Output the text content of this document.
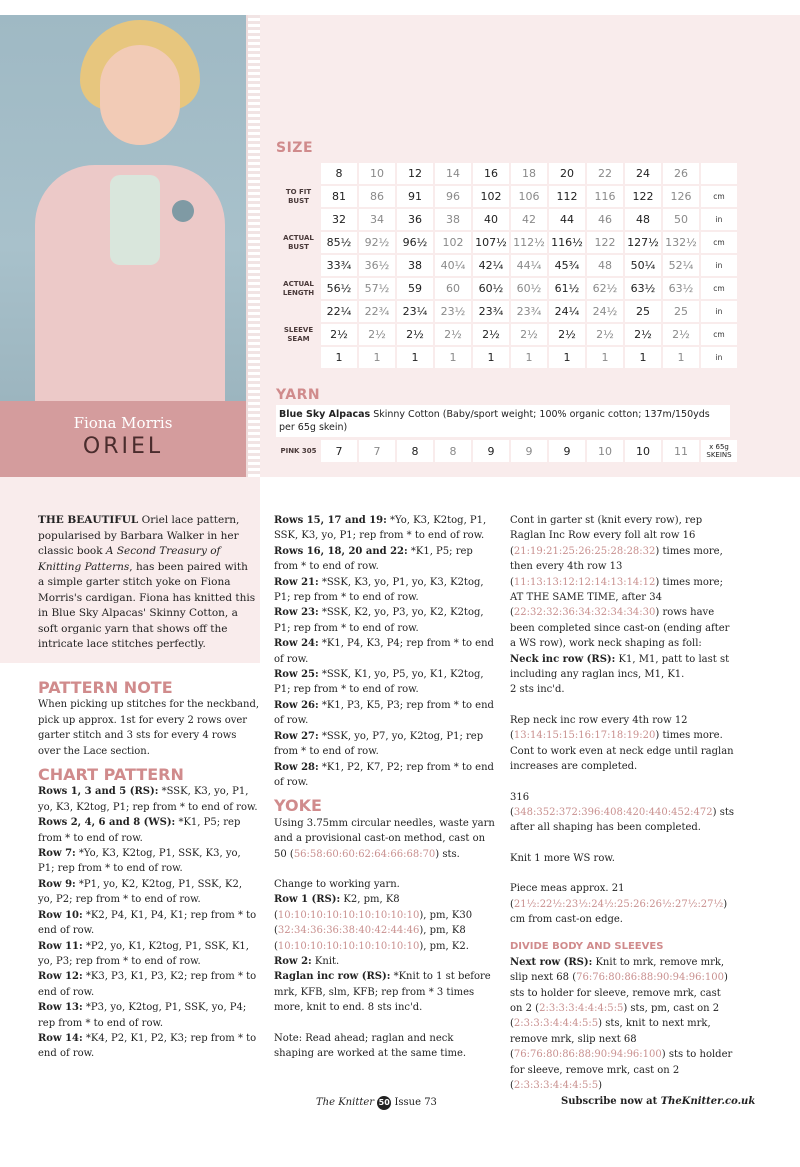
Fiona Morris
ORIEL
SIZE
	8	10	12	14	16	18	20	22	24	26	
TO FIT BUST	81	86	91	96	102	106	112	116	122	126	cm
	32	34	36	38	40	42	44	46	48	50	in
ACTUAL BUST	85½	92½	96½	102	107½	112½	116½	122	127½	132½	cm
	33¾	36½	38	40¼	42¼	44¼	45¾	48	50¼	52¼	in
ACTUAL LENGTH	56½	57½	59	60	60½	60½	61½	62½	63½	63½	cm
	22¼	22¾	23¼	23½	23¾	23¾	24¼	24½	25	25	in
SLEEVE SEAM	2½	2½	2½	2½	2½	2½	2½	2½	2½	2½	cm
	1	1	1	1	1	1	1	1	1	1	in
YARN
Blue Sky Alpacas Skinny Cotton (Baby/sport weight; 100% organic cotton; 137m/150yds per 65g skein)
PINK 305	7	7	8	8	9	9	9	10	10	11	x 65g SKEINS
THE BEAUTIFUL Oriel lace pattern, popularised by Barbara Walker in her classic book A Second Treasury of Knitting Patterns, has been paired with a simple garter stitch yoke on Fiona Morris's cardigan. Fiona has knitted this in Blue Sky Alpacas' Skinny Cotton, a soft organic yarn that shows off the intricate lace stitches perfectly.
PATTERN NOTE

When picking up stitches for the neckband, pick up approx. 1st for every 2 rows over garter stitch and 3 sts for every 4 rows over the Lace section.

CHART PATTERN

Rows 1, 3 and 5 (RS): *SSK, K3, yo, P1, yo, K3, K2tog, P1; rep from * to end of row.

Rows 2, 4, 6 and 8 (WS): *K1, P5; rep from * to end of row.

Row 7: *Yo, K3, K2tog, P1, SSK, K3, yo, P1; rep from * to end of row.

Row 9: *P1, yo, K2, K2tog, P1, SSK, K2, yo, P2; rep from * to end of row.

Row 10: *K2, P4, K1, P4, K1; rep from * to end of row.

Row 11: *P2, yo, K1, K2tog, P1, SSK, K1, yo, P3; rep from * to end of row.

Row 12: *K3, P3, K1, P3, K2; rep from * to end of row.

Row 13: *P3, yo, K2tog, P1, SSK, yo, P4; rep from * to end of row.

Row 14: *K4, P2, K1, P2, K3; rep from * to end of row.

Rows 15, 17 and 19: *Yo, K3, K2tog, P1, SSK, K3, yo, P1; rep from * to end of row.

Rows 16, 18, 20 and 22: *K1, P5; rep from * to end of row.

Row 21: *SSK, K3, yo, P1, yo, K3, K2tog, P1; rep from * to end of row.

Row 23: *SSK, K2, yo, P3, yo, K2, K2tog, P1; rep from * to end of row.

Row 24: *K1, P4, K3, P4; rep from * to end of row.

Row 25: *SSK, K1, yo, P5, yo, K1, K2tog, P1; rep from * to end of row.

Row 26: *K1, P3, K5, P3; rep from * to end of row.

Row 27: *SSK, yo, P7, yo, K2tog, P1; rep from * to end of row.

Row 28: *K1, P2, K7, P2; rep from * to end of row.

YOKE

Using 3.75mm circular needles, waste yarn and a provisional cast-on method, cast on 50 (56:58:60:60:62:64:66:68:70) sts.

Change to working yarn.

Row 1 (RS): K2, pm, K8 (10:10:10:10:10:10:10:10:10), pm, K30 (32:34:36:36:38:40:42:44:46), pm, K8 (10:10:10:10:10:10:10:10:10), pm, K2.

Row 2: Knit.

Raglan inc row (RS): *Knit to 1 st before mrk, KFB, slm, KFB; rep from * 3 times more, knit to end. 8 sts inc'd.

Note: Read ahead; raglan and neck shaping are worked at the same time.

Cont in garter st (knit every row), rep Raglan Inc Row every foll alt row 16 (21:19:21:25:26:25:28:28:32) times more, then every 4th row 13 (11:13:13:12:12:14:13:14:12) times more; AT THE SAME TIME, after 34 (22:32:32:36:34:32:34:34:30) rows have been completed since cast-on (ending after a WS row), work neck shaping as foll:

Neck inc row (RS): K1, M1, patt to last st including any raglan incs, M1, K1.

2 sts inc'd.

Rep neck inc row every 4th row 12 (13:14:15:15:16:17:18:19:20) times more.

Cont to work even at neck edge until raglan increases are completed.

316 (348:352:372:396:408:420:440:452:472) sts after all shaping has been completed.

Knit 1 more WS row.

Piece meas approx. 21 (21½:22½:23½:24½:25:26:26½:27½:27½) cm from cast-on edge.

DIVIDE BODY AND SLEEVES

Next row (RS): Knit to mrk, remove mrk, slip next 68 (76:76:80:86:88:90:94:96:100) sts to holder for sleeve, remove mrk, cast on 2 (2:3:3:3:4:4:4:5:5) sts, pm, cast on 2 (2:3:3:3:4:4:4:5:5) sts, knit to next mrk, remove mrk, slip next 68 (76:76:80:86:88:90:94:96:100) sts to holder for sleeve, remove mrk, cast on 2 (2:3:3:3:4:4:4:5:5)

The Knitter 50 Issue 73	Subscribe now at TheKnitter.co.uk
